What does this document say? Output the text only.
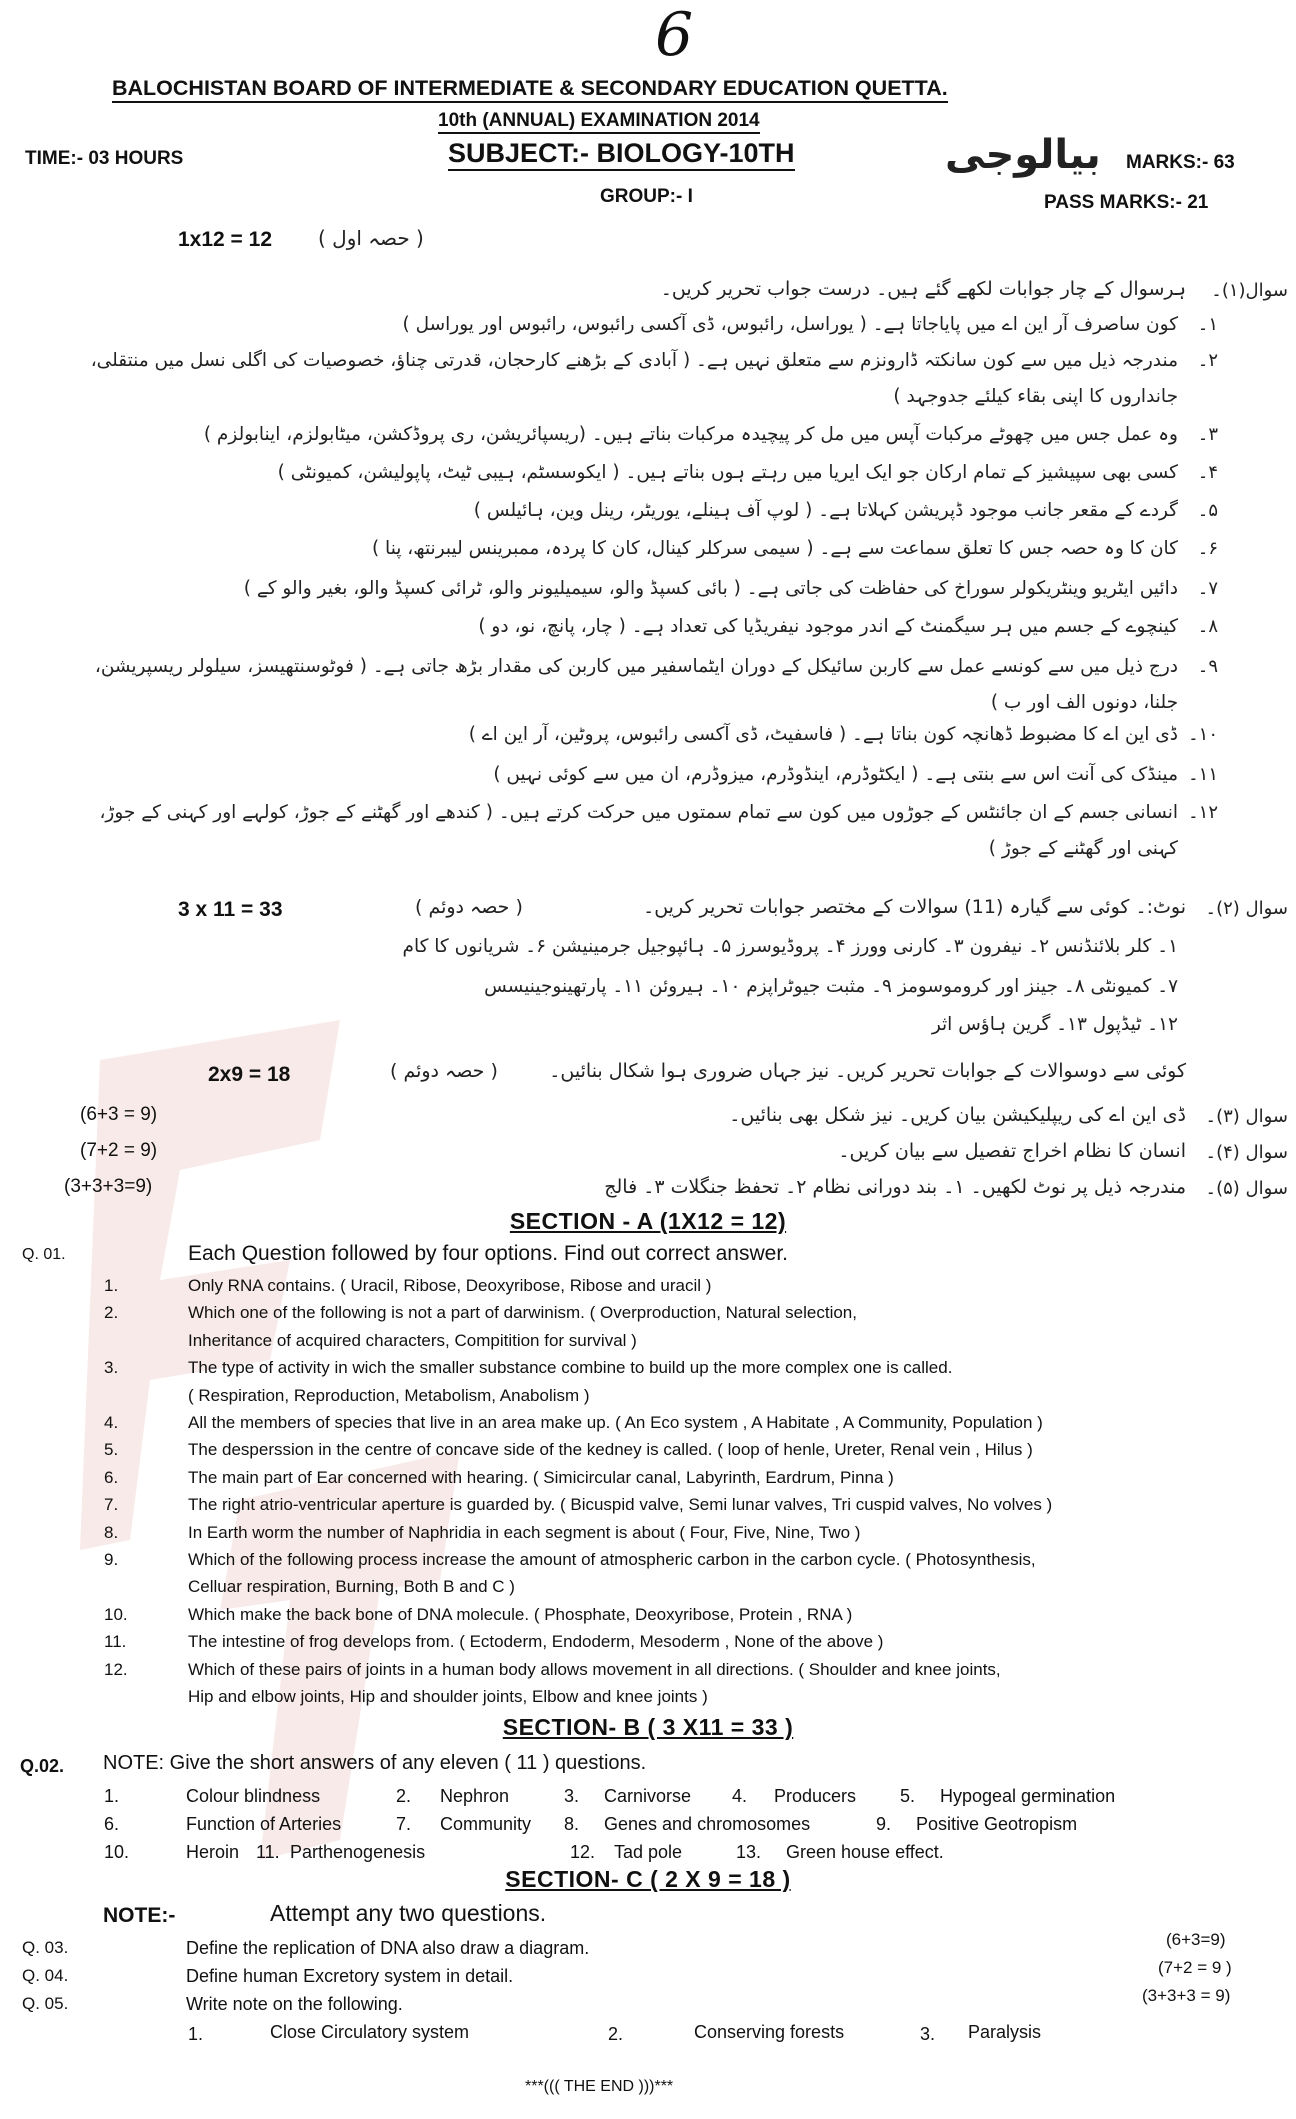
6
BALOCHISTAN BOARD OF INTERMEDIATE & SECONDARY EDUCATION QUETTA.
10th (ANNUAL) EXAMINATION 2014
TIME:- 03 HOURS	SUBJECT:- BIOLOGY-10TH	بیالوجی MARKS:- 63
GROUP:- I	PASS MARKS:- 21
1x12 = 12 ( حصہ اول )
سوال(۱)۔
ہرسوال کے چار جوابات لکھے گئے ہیں۔ درست جواب تحریر کریں۔
۱۔
کون ساصرف آر این اے میں پایاجاتا ہے۔ ( یوراسل، رائبوس، ڈی آکسی رائبوس، رائبوس اور یوراسل )
۲۔
مندرجہ ذیل میں سے کون سانکتہ ڈارونزم سے متعلق نہیں ہے۔ ( آبادی کے بڑھنے کارحجان، قدرتی چناؤ، خصوصیات کی اگلی نسل میں منتقلی،
جانداروں کا اپنی بقاء کیلئے جدوجہد )
۳۔
وہ عمل جس میں چھوٹے مرکبات آپس میں مل کر پیچیدہ مرکبات بناتے ہیں۔ (ریسپائریشن، ری پروڈکشن، میٹابولزم، اینابولزم )
۴۔
کسی بھی سپیشیز کے تمام ارکان جو ایک ایریا میں رہتے ہوں بناتے ہیں۔ ( ایکوسسٹم، ہیبی ٹیٹ، پاپولیشن، کمیونٹی )
۵۔
گردے کے مقعر جانب موجود ڈپریشن کہلاتا ہے۔ ( لوپ آف ہینلے، یوریٹر، رینل وین، ہائیلس )
۶۔
کان کا وہ حصہ جس کا تعلق سماعت سے ہے۔ ( سیمی سرکلر کینال، کان کا پردہ، ممبرینس لیبرنتھ، پنا )
۷۔
دائیں ایٹریو وینٹریکولر سوراخ کی حفاظت کی جاتی ہے۔ ( بائی کسپڈ والو، سیمیلیونر والو، ٹرائی کسپڈ والو، بغیر والو کے )
۸۔
کینچوے کے جسم میں ہر سیگمنٹ کے اندر موجود نیفریڈیا کی تعداد ہے۔ ( چار، پانچ، نو، دو )
۹۔
درج ذیل میں سے کونسے عمل سے کاربن سائیکل کے دوران ایٹماسفیر میں کاربن کی مقدار بڑھ جاتی ہے۔ ( فوٹوسنتھیسز، سیلولر ریسپریشن،
جلنا، دونوں الف اور ب )
۱۰۔
ڈی این اے کا مضبوط ڈھانچہ کون بناتا ہے۔ ( فاسفیٹ، ڈی آکسی رائبوس، پروٹین، آر این اے )
۱۱۔
مینڈک کی آنت اس سے بنتی ہے۔ ( ایکٹوڈرم، اینڈوڈرم، میزوڈرم، ان میں سے کوئی نہیں )
۱۲۔
انسانی جسم کے ان جائنٹس کے جوڑوں میں کون سے تمام سمتوں میں حرکت کرتے ہیں۔ ( کندھے اور گھٹنے کے جوڑ، کولہے اور کہنی کے جوڑ،
کہنی اور گھٹنے کے جوڑ )
سوال (۲)۔
نوٹ:۔ کوئی سے گیارہ (11) سوالات کے مختصر جوابات تحریر کریں۔
( حصہ دوئم )
3 x 11 = 33
۱۔ کلر بلائنڈنس ۲۔ نیفرون ۳۔ کارنی وورز ۴۔ پروڈیوسرز ۵۔ ہائپوجیل جرمینیشن ۶۔ شریانوں کا کام
۷۔ کمیونٹی ۸۔ جینز اور کروموسومز ۹۔ مثبت جیوٹراپزم ۱۰۔ ہیروئن ۱۱۔ پارتھینوجینیسس
۱۲۔ ٹیڈپول ۱۳۔ گرین ہاؤس اثر
2x9 = 18	( حصہ دوئم )	کوئی سے دوسوالات کے جوابات تحریر کریں۔ نیز جہاں ضروری ہوا شکال بنائیں۔
سوال (۳)۔
ڈی این اے کی ریپلیکیشن بیان کریں۔ نیز شکل بھی بنائیں۔
(6+3 = 9)
سوال (۴)۔
انسان کا نظام اخراج تفصیل سے بیان کریں۔
(7+2 = 9)
سوال (۵)۔
مندرجہ ذیل پر نوٹ لکھیں۔ ۱۔ بند دورانی نظام ۲۔ تحفظ جنگلات ۳۔ فالج
(3+3+3=9)
SECTION - A (1X12 = 12)
Q. 01.	Each Question followed by four options. Find out correct answer.
1.	Only RNA contains. ( Uracil, Ribose, Deoxyribose, Ribose and uracil )
2.	Which one of the following is not a part of darwinism. ( Overproduction, Natural selection,
Inheritance of acquired characters, Compitition for survival )
3.	The type of activity in wich the smaller substance combine to build up the more complex one is called.
( Respiration, Reproduction, Metabolism, Anabolism )
4.	All the members of species that live in an area make up. ( An Eco system , A Habitate , A Community, Population )
5.	The desperssion in the centre of concave side of the kedney is called. ( loop of henle, Ureter, Renal vein , Hilus )
6.	The main part of Ear concerned with hearing. ( Simicircular canal, Labyrinth, Eardrum, Pinna )
7.	The right atrio-ventricular aperture is guarded by. ( Bicuspid valve, Semi lunar valves, Tri cuspid valves, No volves )
8.	In Earth worm the number of Naphridia in each segment is about ( Four, Five, Nine, Two )
9.	Which of the following process increase the amount of atmospheric carbon in the carbon cycle. ( Photosynthesis,
Celluar respiration, Burning, Both B and C )
10.	Which make the back bone of DNA molecule. ( Phosphate, Deoxyribose, Protein , RNA )
11.	The intestine of frog develops from. ( Ectoderm, Endoderm, Mesoderm , None of the above )
12.	Which of these pairs of joints in a human body allows movement in all directions. ( Shoulder and knee joints,
Hip and elbow joints, Hip and shoulder joints, Elbow and knee joints )
SECTION- B ( 3 X11 = 33 )
Q.02. NOTE: Give the short answers of any eleven ( 11 ) questions.
1.	Colour blindness	2. Nephron	3. Carnivorse 4. Producers 5. Hypogeal germination
6.	Function of Arteries	7. Community 8. Genes and chromosomes	9. Positive Geotropism
10.	Heroin 11. Parthenogenesis	12. Tad pole	13. Green house effect.
SECTION- C ( 2 X 9 = 18 )
NOTE:-	Attempt any two questions.
Q. 03.	Define the replication of DNA also draw a diagram.	(6+3=9)
Q. 04.	Define human Excretory system in detail.	(7+2 = 9 )
Q. 05.	Write note on the following.	(3+3+3 = 9)
1.	Close Circulatory system	2.	Conserving forests	3. Paralysis
***((( THE END )))***
